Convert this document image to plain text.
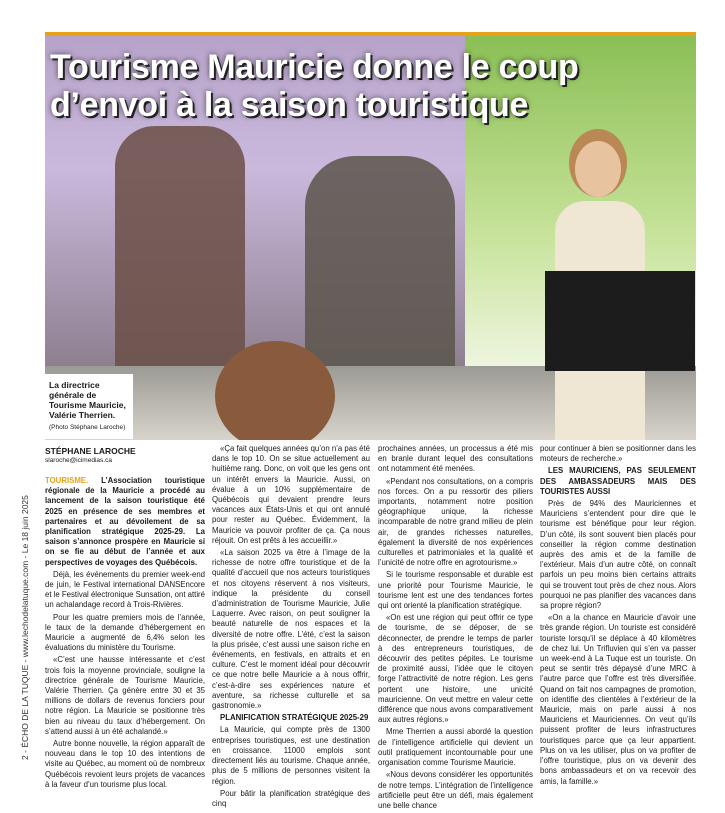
Tourisme Mauricie donne le coup d’envoi à la saison touristique
La directrice générale de Tourisme Mauricie, Valérie Therrien.
(Photo Stéphane Laroche)
2 - ÉCHO DE LA TUQUE - www.lechodelatuque.com - Le 18 juin 2025
STÉPHANE LAROCHE
slaroche@icimedias.ca

TOURISME. L’Association touristique régionale de la Mauricie a procédé au lancement de la saison touristique été 2025 en présence de ses membres et partenaires et au dévoilement de sa planification stratégique 2025-29. La saison s’annonce prospère en Mauricie si on se fie au début de l’année et aux perspectives de voyages des Québécois.

Déjà, les événements du premier week-end de juin, le Festival international DANSEncore et le Festival électronique Sunsation, ont attiré un achalandage record à Trois-Rivières.

Pour les quatre premiers mois de l’année, le taux de la demande d’hébergement en Mauricie a augmenté de 6,4% selon les évaluations du ministère du Tourisme.

«C’est une hausse intéressante et c’est trois fois la moyenne provinciale, souligne la directrice générale de Tourisme Mauricie, Valérie Therrien. Ça génère entre 30 et 35 millions de dollars de revenus fonciers pour notre région. La Mauricie se positionne très bien au niveau du taux d’hébergement. On s’attend aussi à un été achalandé.»

Autre bonne nouvelle, la région apparaît de nouveau dans le top 10 des intentions de visite au Québec, au moment où de nombreux Québécois revoient leurs projets de vacances à la faveur d’un tourisme plus local.

«Ça fait quelques années qu’on n’a pas été dans le top 10. On se situe actuellement au huitième rang. Donc, on voit que les gens ont un intérêt envers la Mauricie. Aussi, on évalue à un 10% supplémentaire de Québécois qui devaient prendre leurs vacances aux États-Unis et qui ont annulé pour rester au Québec. Évidemment, la Mauricie va pouvoir profiter de ça. Ça nous réjouit. On est prêts à les accueillir.»

«La saison 2025 va être à l’image de la richesse de notre offre touristique et de la qualité d’accueil que nos acteurs touristiques et nos citoyens réservent à nos visiteurs, indique la présidente du conseil d’administration de Tourisme Mauricie, Julie Laquerre. Avec raison, on peut souligner la beauté naturelle de nos espaces et la diversité de notre offre. L’été, c’est la saison la plus prisée, c’est aussi une saison riche en événements, en festivals, en attraits et en culture. C’est le moment idéal pour découvrir ce que notre belle Mauricie a à nous offrir, c’est-à-dire ses expériences nature et aventure, sa richesse culturelle et sa gastronomie.»

PLANIFICATION STRATÉGIQUE 2025-29

La Mauricie, qui compte près de 1300 entreprises touristiques, est une destination en croissance. 11000 emplois sont directement liés au tourisme. Chaque année, plus de 5 millions de personnes visitent la région.

Pour bâtir la planification stratégique des cinq

prochaines années, un processus a été mis en branle durant lequel des consultations ont notamment été menées.

«Pendant nos consultations, on a compris nos forces. On a pu ressortir des piliers importants, notamment notre position géographique unique, la richesse incomparable de notre grand milieu de plein air, de grandes richesses naturelles, également la diversité de nos expériences culturelles et patrimoniales et la qualité et l’unicité de notre offre en agrotourisme.»

Si le tourisme responsable et durable est une priorité pour Tourisme Mauricie, le tourisme lent est une des tendances fortes qui ont orienté la planification stratégique.

«On est une région qui peut offrir ce type de tourisme, de se déposer, de se déconnecter, de prendre le temps de parler à des entrepreneurs touristiques, de découvrir des petites pépites. Le tourisme de proximité aussi, l’idée que le citoyen forge l’attractivité de notre région. Les gens portent une histoire, une unicité mauricienne. On veut mettre en valeur cette différence que nous avons comparativement aux autres régions.»

Mme Therrien a aussi abordé la question de l’intelligence artificielle qui devient un outil pratiquement incontournable pour une organisation comme Tourisme Mauricie.

«Nous devons considérer les opportunités de notre temps. L’intégration de l’intelligence artificielle peut être un défi, mais également une belle chance

pour continuer à bien se positionner dans les moteurs de recherche.»

LES MAURICIENS, PAS SEULEMENT DES AMBASSADEURS MAIS DES TOURISTES AUSSI

Près de 94% des Mauriciennes et Mauriciens s’entendent pour dire que le tourisme est bénéfique pour leur région. D’un côté, ils sont souvent bien placés pour conseiller la région comme destination auprès des amis et de la famille de l’extérieur. Mais d’un autre côté, on connaît parfois un peu moins bien certains attraits qui se trouvent tout près de chez nous. Alors pourquoi ne pas planifier des vacances dans sa propre région?

«On a la chance en Mauricie d’avoir une très grande région. Un touriste est considéré touriste lorsqu’il se déplace à 40 kilomètres de chez lui. Un Trifluvien qui s’en va passer un week-end à La Tuque est un touriste. On peut se sentir très dépaysé d’une MRC à l’autre parce que l’offre est très diversifiée. Quand on fait nos campagnes de promotion, on identifie des clientèles à l’extérieur de la Mauricie, mais on parle aussi à nos Mauriciens et Mauriciennes. On veut qu’ils puissent profiter de leurs infrastructures touristiques parce que ça leur appartient. Plus on va les utiliser, plus on va profiter de l’offre touristique, plus on va devenir des bons ambassadeurs et on va recevoir des amis, la famille.»
